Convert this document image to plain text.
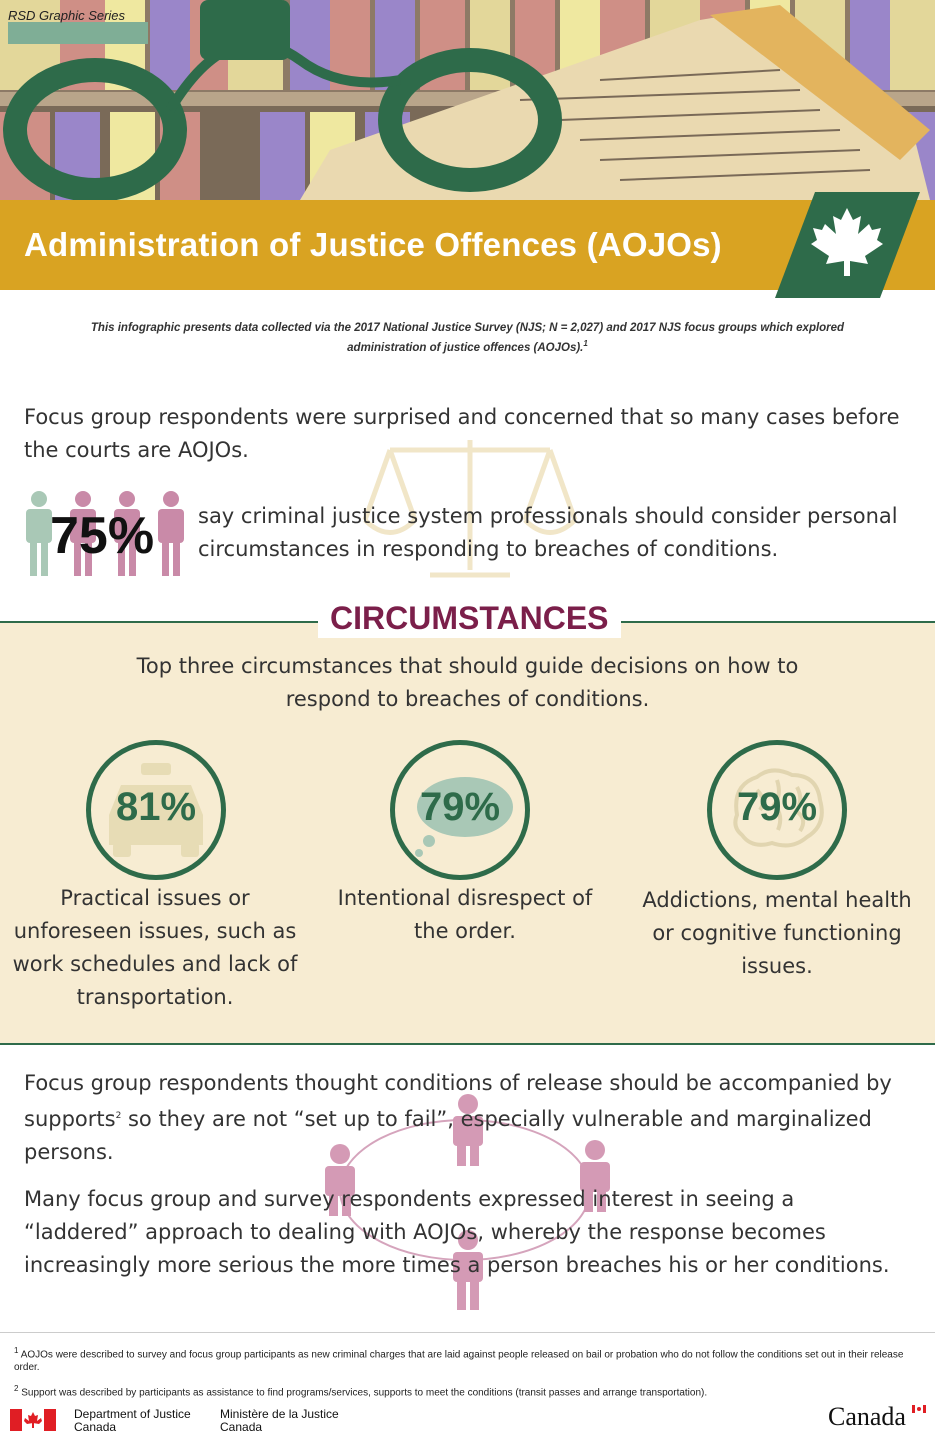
RSD Graphic Series
Administration of Justice Offences (AOJOs)
This infographic presents data collected via the 2017 National Justice Survey (NJS; N = 2,027) and 2017 NJS focus groups which explored administration of justice offences (AOJOs).$^1$
Focus group respondents were surprised and concerned that so many cases before the courts are AOJOs.
75% say criminal justice system professionals should consider personal circumstances in responding to breaches of conditions.
CIRCUMSTANCES
Top three circumstances that should guide decisions on how to respond to breaches of conditions.
81%	79%	79%
Practical issues or unforeseen issues, such as work schedules and lack of transportation.
Intentional disrespect of the order.
Addictions, mental health or cognitive functioning issues.
Focus group respondents thought conditions of release should be accompanied by supports$^2$ so they are not “set up to fail”, especially vulnerable and marginalized persons.
Many focus group and survey respondents expressed interest in seeing a “laddered” approach to dealing with AOJOs, whereby the response becomes increasingly more serious the more times a person breaches his or her conditions.
$^1$ AOJOs were described to survey and focus group participants as new criminal charges that are laid against people released on bail or probation who do not follow the conditions set out in their release order.
$^2$ Support was described by participants as assistance to find programs/services, supports to meet the conditions (transit passes and arrange transportation).
Department of Justice
Canada
Ministère de la Justice
Canada	Canada
